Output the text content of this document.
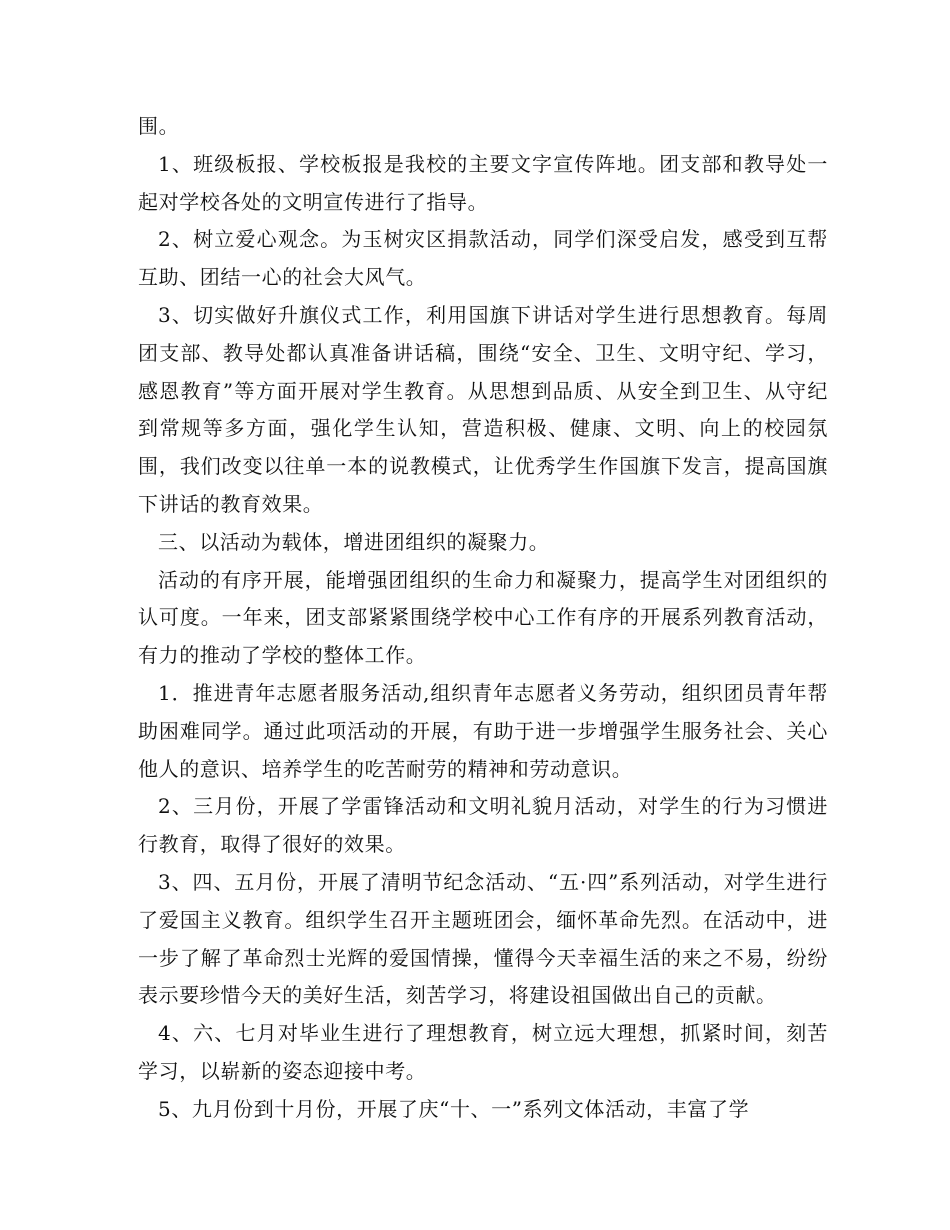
围。

1、班级板报、学校板报是我校的主要文字宣传阵地。团支部和教导处一起对学校各处的文明宣传进行了指导。

2、树立爱心观念。为玉树灾区捐款活动，同学们深受启发，感受到互帮互助、团结一心的社会大风气。

3、切实做好升旗仪式工作，利用国旗下讲话对学生进行思想教育。每周团支部、教导处都认真准备讲话稿，围绕“安全、卫生、文明守纪、学习，感恩教育”等方面开展对学生教育。从思想到品质、从安全到卫生、从守纪到常规等多方面，强化学生认知，营造积极、健康、文明、向上的校园氛围，我们改变以往单一本的说教模式，让优秀学生作国旗下发言，提高国旗下讲话的教育效果。

三、以活动为载体，增进团组织的凝聚力。

活动的有序开展，能增强团组织的生命力和凝聚力，提高学生对团组织的认可度。一年来，团支部紧紧围绕学校中心工作有序的开展系列教育活动，有力的推动了学校的整体工作。

1．推进青年志愿者服务活动,组织青年志愿者义务劳动，组织团员青年帮助困难同学。通过此项活动的开展，有助于进一步增强学生服务社会、关心他人的意识、培养学生的吃苦耐劳的精神和劳动意识。

2、三月份，开展了学雷锋活动和文明礼貌月活动，对学生的行为习惯进行教育，取得了很好的效果。

3、四、五月份，开展了清明节纪念活动、“五·四”系列活动，对学生进行了爱国主义教育。组织学生召开主题班团会，缅怀革命先烈。在活动中，进一步了解了革命烈士光辉的爱国情操，懂得今天幸福生活的来之不易，纷纷表示要珍惜今天的美好生活，刻苦学习，将建设祖国做出自己的贡献。

4、六、七月对毕业生进行了理想教育，树立远大理想，抓紧时间，刻苦学习，以崭新的姿态迎接中考。

5、九月份到十月份，开展了庆“十、一”系列文体活动，丰富了学
